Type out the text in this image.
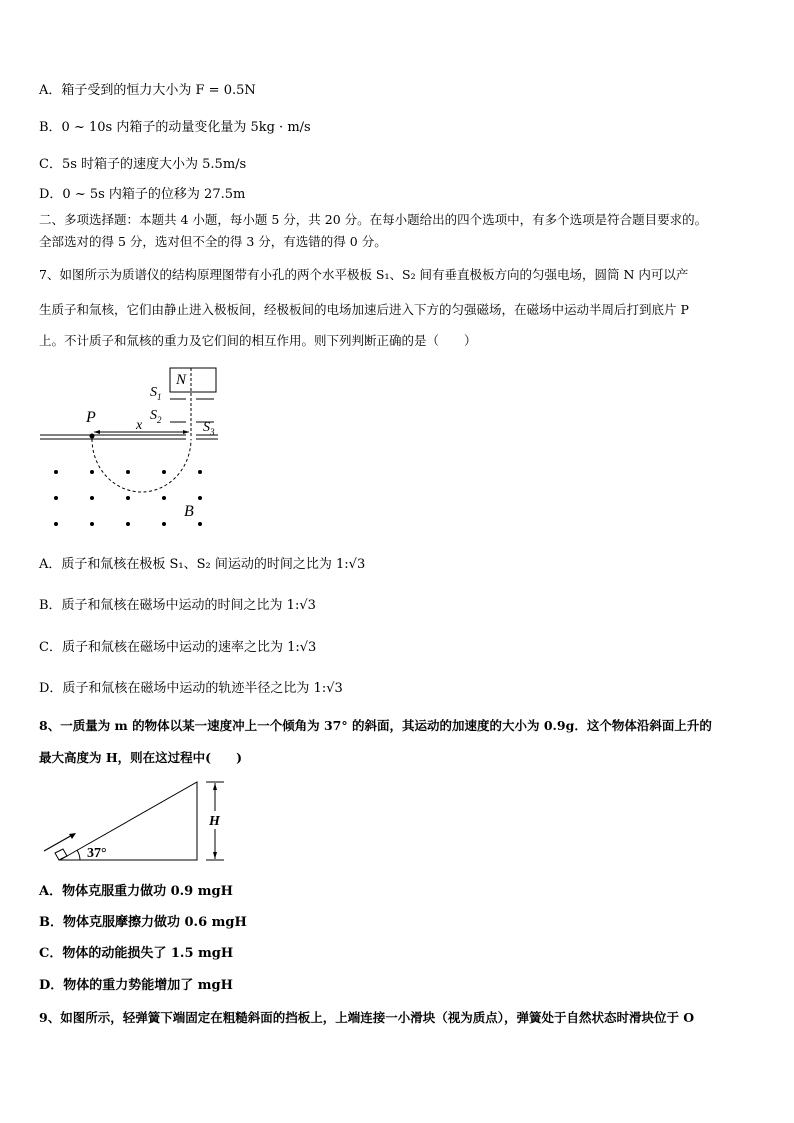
A．箱子受到的恒力大小为 F = 0.5N
B．0 ~ 10s 内箱子的动量变化量为 5kg · m/s
C．5s 时箱子的速度大小为 5.5m/s
D．0 ~ 5s 内箱子的位移为 27.5m
二、多项选择题：本题共 4 小题，每小题 5 分，共 20 分。在每小题给出的四个选项中，有多个选项是符合题目要求的。
全部选对的得 5 分，选对但不全的得 3 分，有选错的得 0 分。
7、如图所示为质谱仪的结构原理图带有小孔的两个水平极板 S₁、S₂ 间有垂直极板方向的匀强电场，圆筒 N 内可以产
生质子和氚核，它们由静止进入极板间，经极板间的电场加速后进入下方的匀强磁场，在磁场中运动半周后打到底片 P
上。不计质子和氚核的重力及它们间的相互作用。则下列判断正确的是（　　）
N
$S_1$
$S_2$	$S_3$
P	x
B
A．质子和氚核在极板 S₁、S₂ 间运动的时间之比为 1:√3
B．质子和氚核在磁场中运动的时间之比为 1:√3
C．质子和氚核在磁场中运动的速率之比为 1:√3
D．质子和氚核在磁场中运动的轨迹半径之比为 1:√3
8、一质量为 m 的物体以某一速度冲上一个倾角为 37° 的斜面，其运动的加速度的大小为 0.9g．这个物体沿斜面上升的
最大高度为 H，则在这过程中(　　)
37°
H
A．物体克服重力做功 0.9 mgH
B．物体克服摩擦力做功 0.6 mgH
C．物体的动能损失了 1.5 mgH
D．物体的重力势能增加了 mgH
9、如图所示，轻弹簧下端固定在粗糙斜面的挡板上，上端连接一小滑块（视为质点），弹簧处于自然状态时滑块位于 O
